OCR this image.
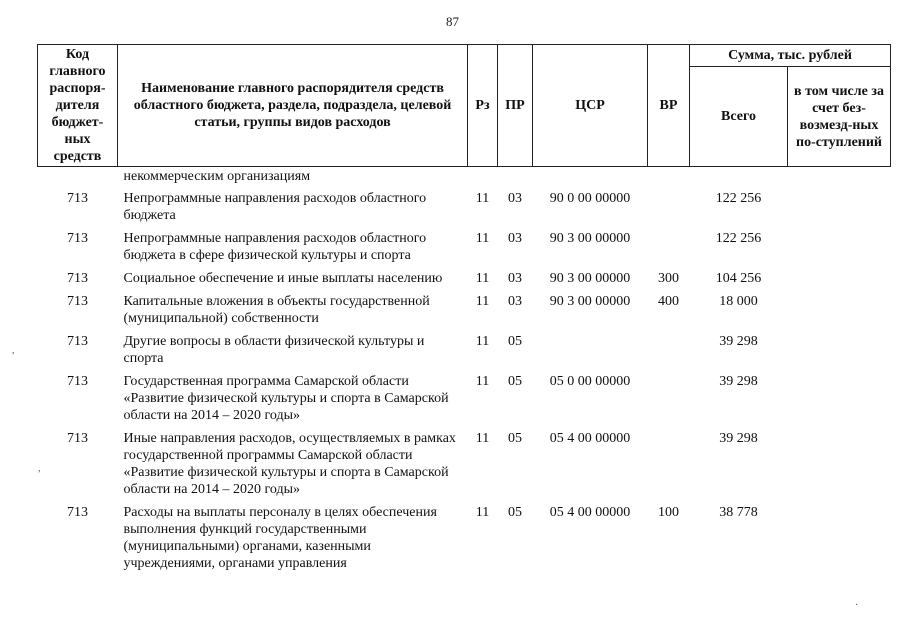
87
Код главного распоря-дителя бюджет-ных средств	Наименование главного распорядителя средств областного бюджета, раздела, подраздела, целевой статьи, группы видов расходов	Рз	ПР	ЦСР	ВР	Сумма, тыс. рублей	
						Всего	в том числе за счет без-возмезд-ных по-ступлений
	некоммерческим организациям						
713	Непрограммные направления расходов областного бюджета	11	03	90 0 00 00000		122 256	
713	Непрограммные направления расходов областного бюджета в сфере физической культуры и спорта	11	03	90 3 00 00000		122 256	
713	Социальное обеспечение и иные выплаты населению	11	03	90 3 00 00000	300	104 256	
713	Капитальные вложения в объекты государственной (муниципальной) собственности	11	03	90 3 00 00000	400	18 000	
713	Другие вопросы в области физической культуры и спорта	11	05			39 298	
713	Государственная программа Самарской области «Развитие физической культуры и спорта в Самарской области на 2014 – 2020 годы»	11	05	05 0 00 00000		39 298	
713	Иные направления расходов, осуществляемых в рамках государственной программы Самарской области «Развитие физической культуры и спорта в Самарской области на 2014 – 2020 годы»	11	05	05 4 00 00000		39 298	
713	Расходы на выплаты персоналу в целях обеспечения выполнения функций государственными (муниципальными) органами, казенными учреждениями, органами управления	11	05	05 4 00 00000	100	38 778	
,
,
·
